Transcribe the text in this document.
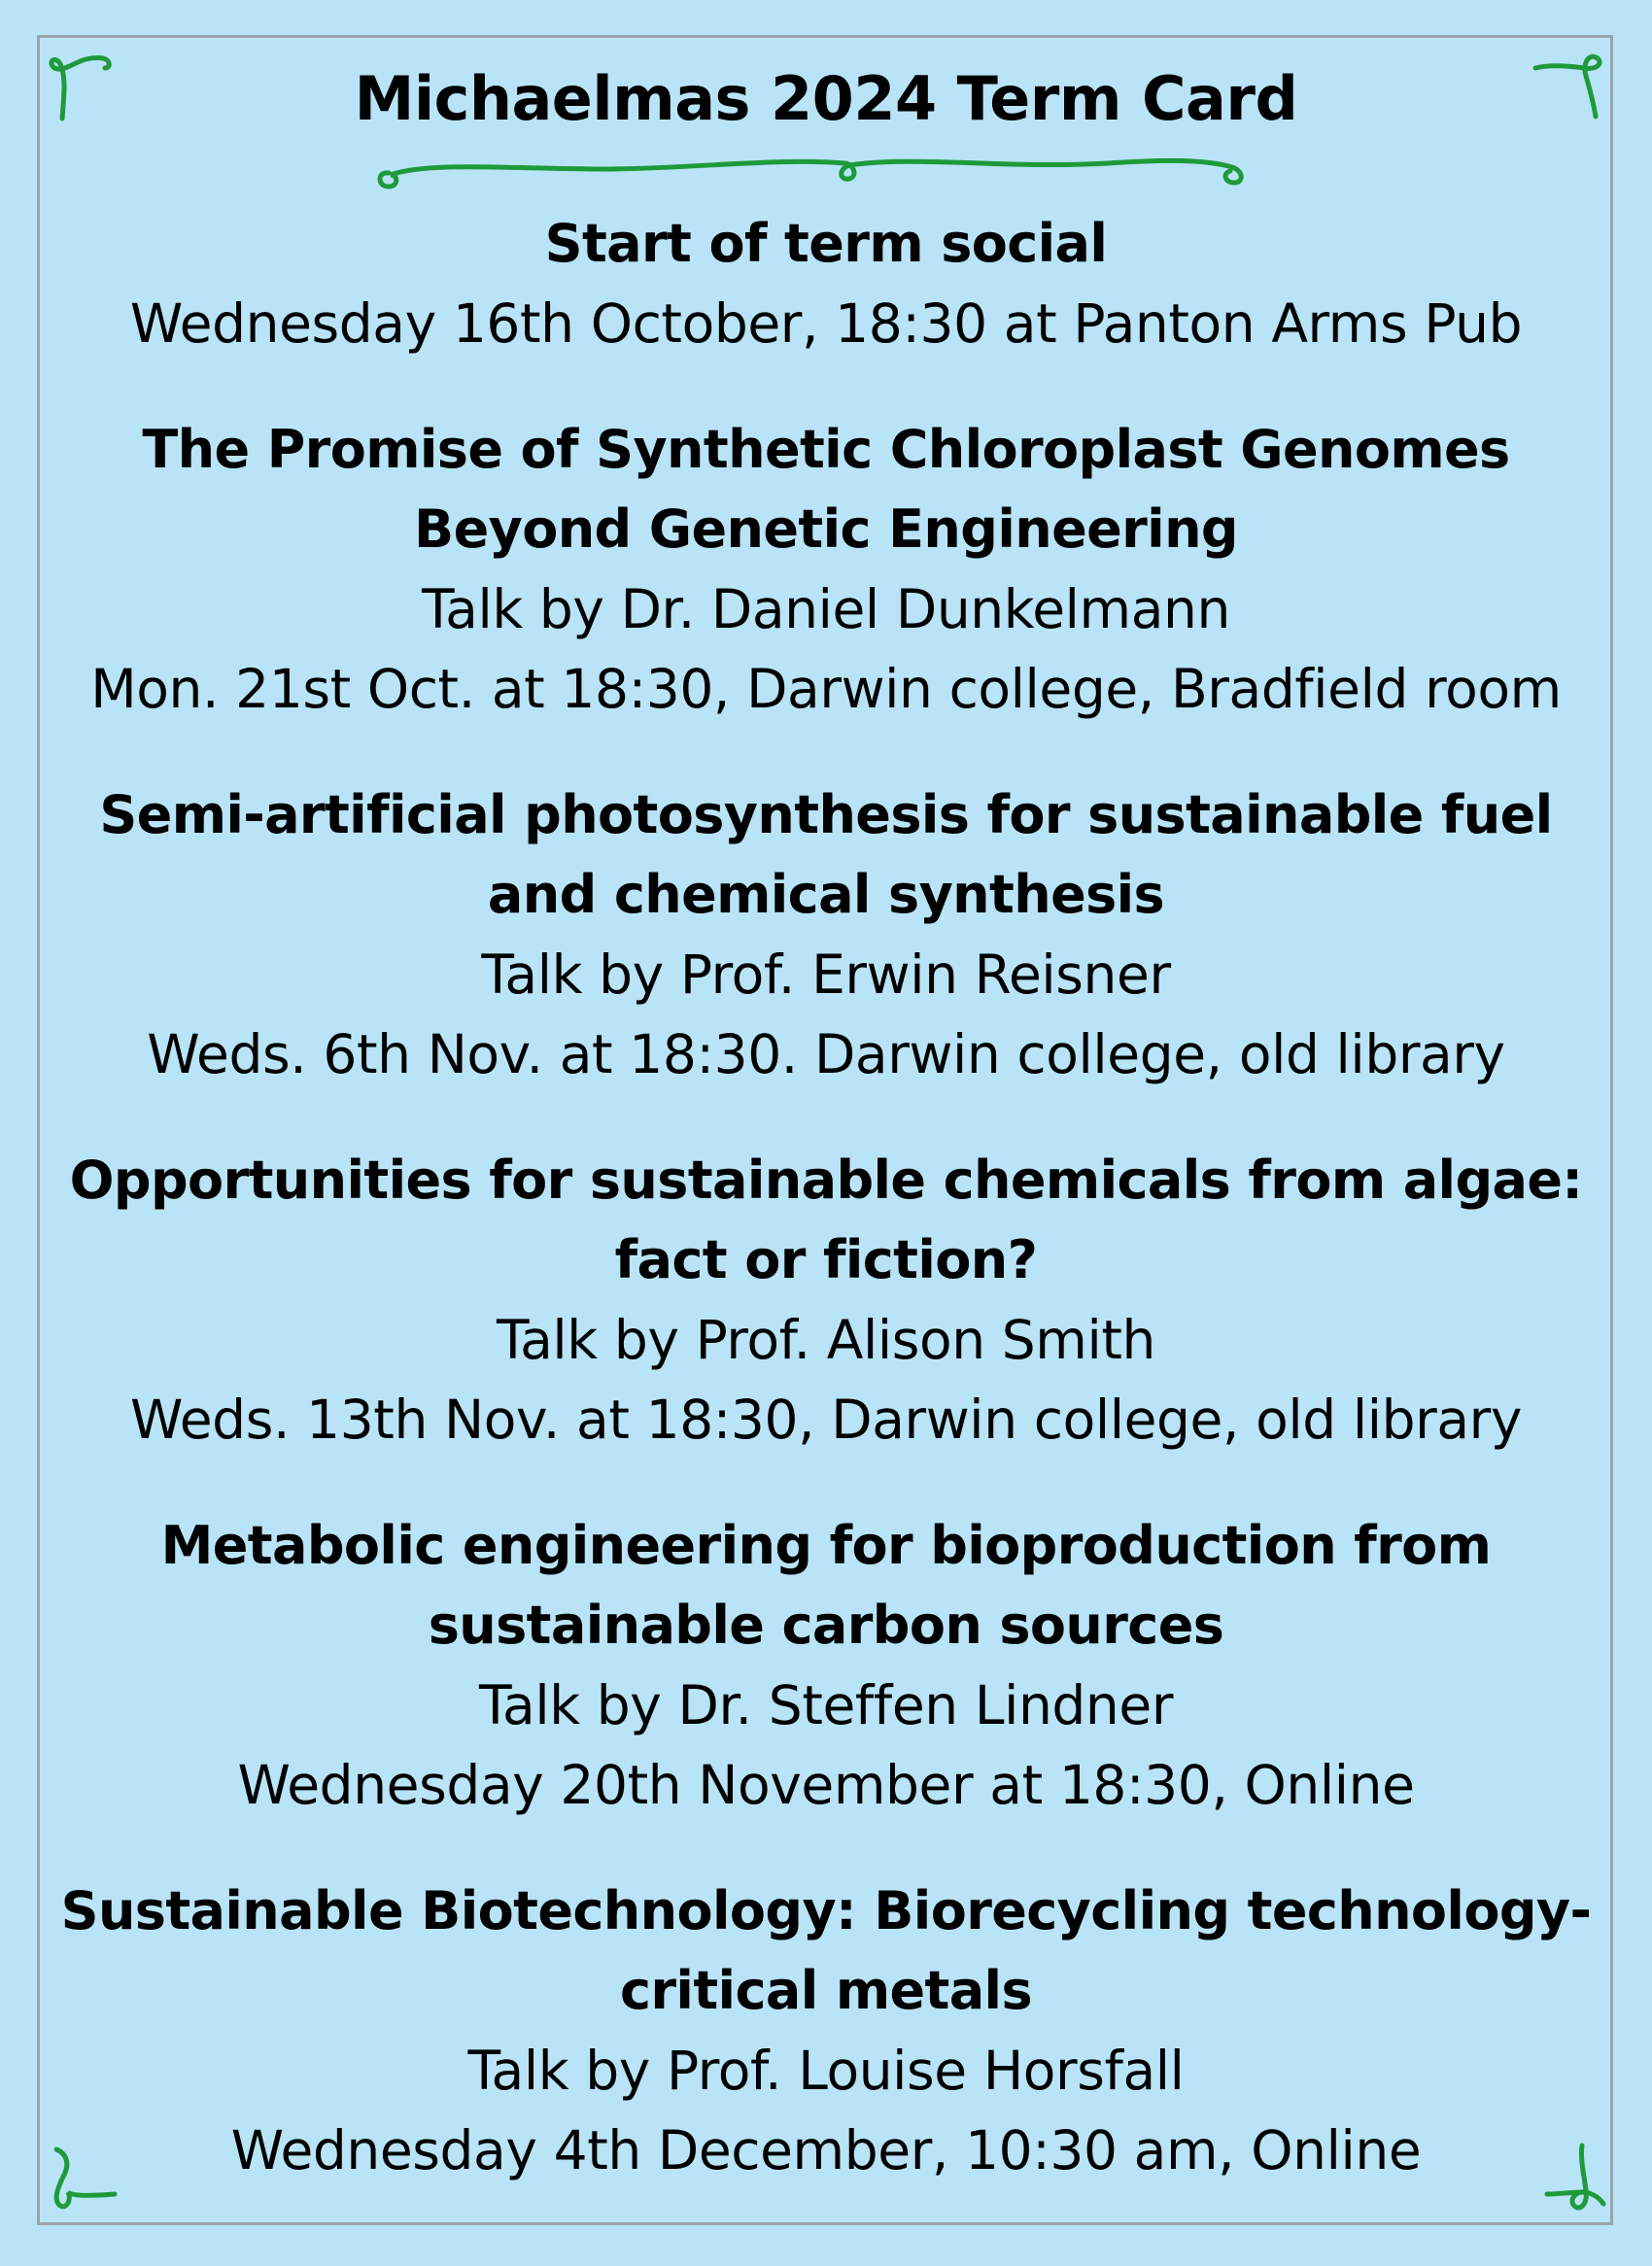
Michaelmas 2024 Term Card

Start of term social

Wednesday 16th October, 18:30 at Panton Arms Pub

The Promise of Synthetic Chloroplast Genomes Beyond Genetic Engineering

Talk by Dr. Daniel Dunkelmann

Mon. 21st Oct. at 18:30, Darwin college, Bradfield room

Semi-artificial photosynthesis for sustainable fuel and chemical synthesis

Talk by Prof. Erwin Reisner

Weds. 6th Nov. at 18:30. Darwin college, old library

Opportunities for sustainable chemicals from algae: fact or fiction?

Talk by Prof. Alison Smith

Weds. 13th Nov. at 18:30, Darwin college, old library

Metabolic engineering for bioproduction from sustainable carbon sources

Talk by Dr. Steffen Lindner

Wednesday 20th November at 18:30, Online

Sustainable Biotechnology: Biorecycling technology-critical metals

Talk by Prof. Louise Horsfall

Wednesday 4th December, 10:30 am, Online
